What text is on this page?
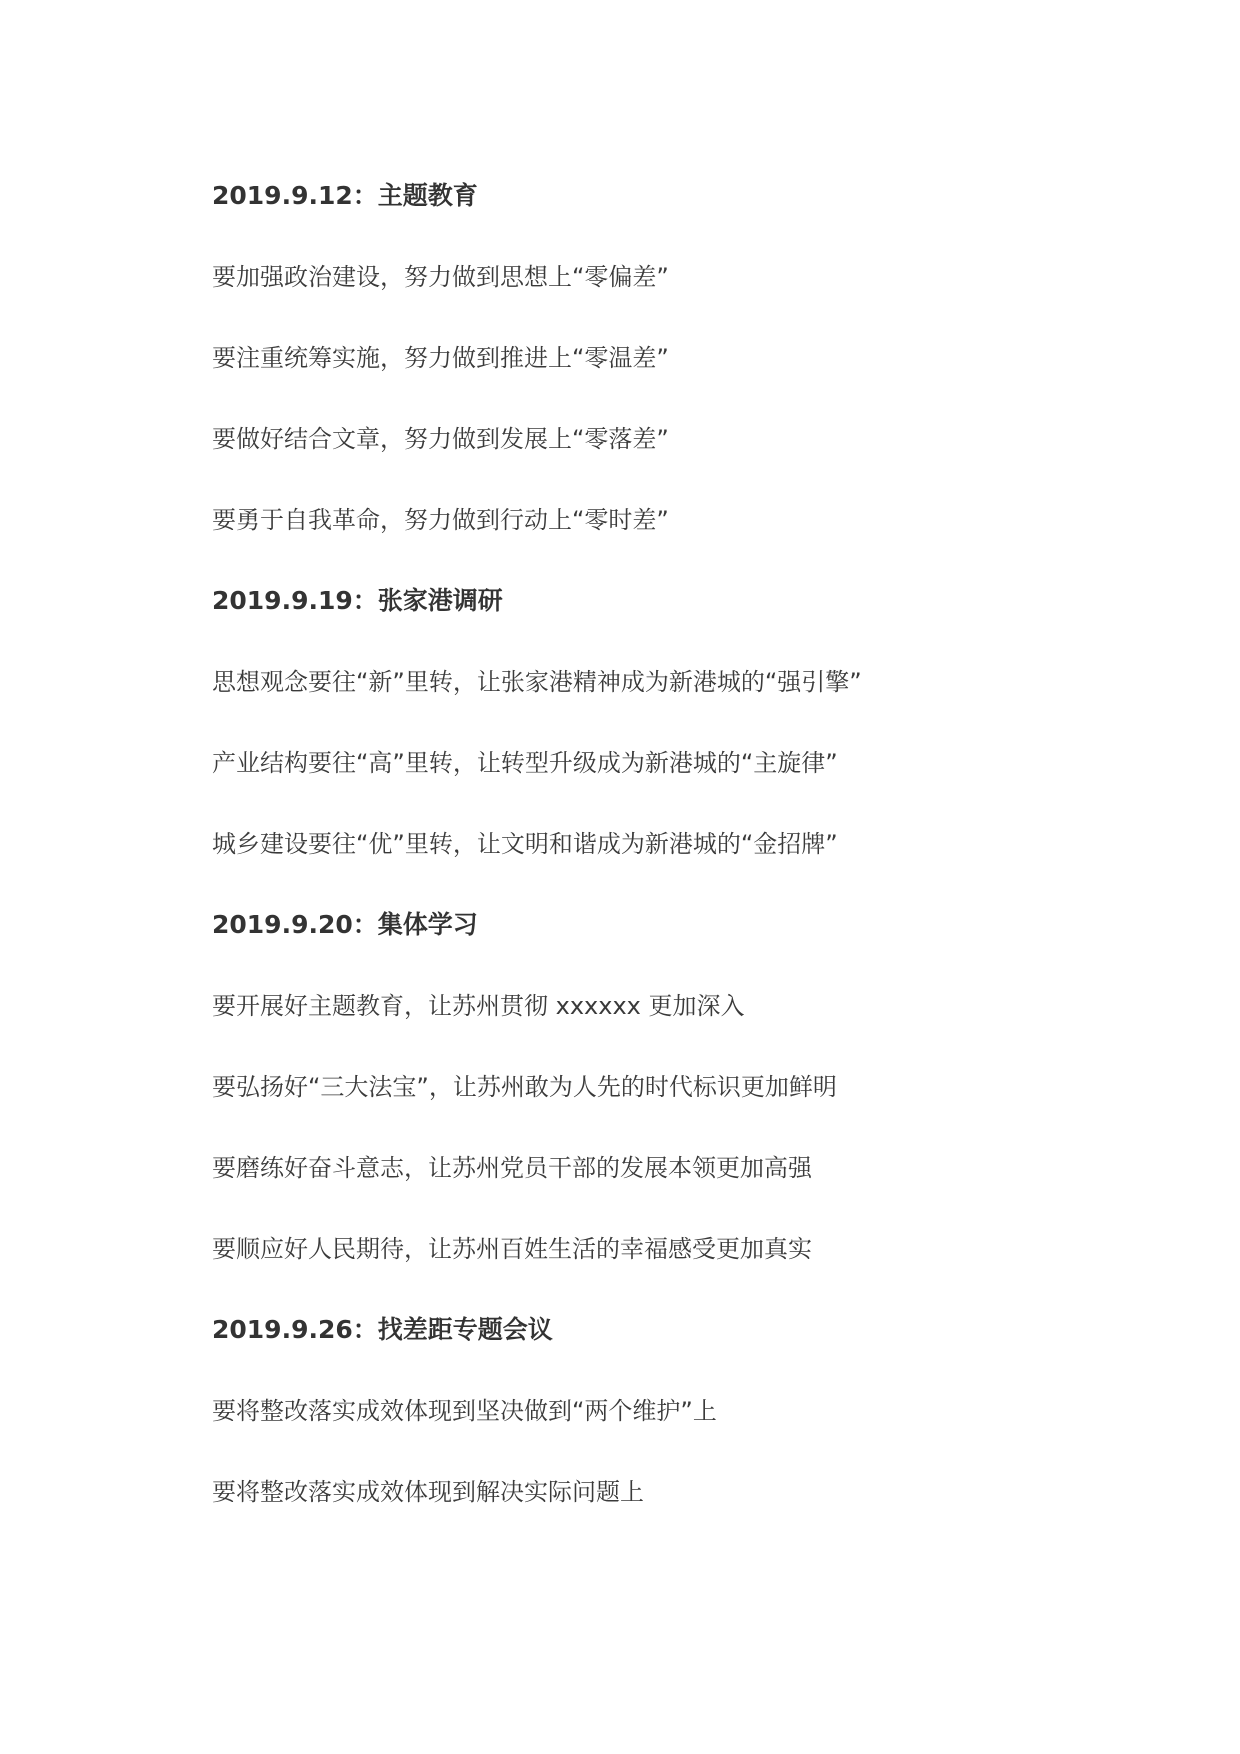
2019.9.12：主题教育
要加强政治建设，努力做到思想上“零偏差”
要注重统筹实施，努力做到推进上“零温差”
要做好结合文章，努力做到发展上“零落差”
要勇于自我革命，努力做到行动上“零时差”
2019.9.19：张家港调研
思想观念要往“新”里转，让张家港精神成为新港城的“强引擎”
产业结构要往“高”里转，让转型升级成为新港城的“主旋律”
城乡建设要往“优”里转，让文明和谐成为新港城的“金招牌”
2019.9.20：集体学习
要开展好主题教育，让苏州贯彻 xxxxxx 更加深入
要弘扬好“三大法宝”，让苏州敢为人先的时代标识更加鲜明
要磨练好奋斗意志，让苏州党员干部的发展本领更加高强
要顺应好人民期待，让苏州百姓生活的幸福感受更加真实
2019.9.26：找差距专题会议
要将整改落实成效体现到坚决做到“两个维护”上
要将整改落实成效体现到解决实际问题上
